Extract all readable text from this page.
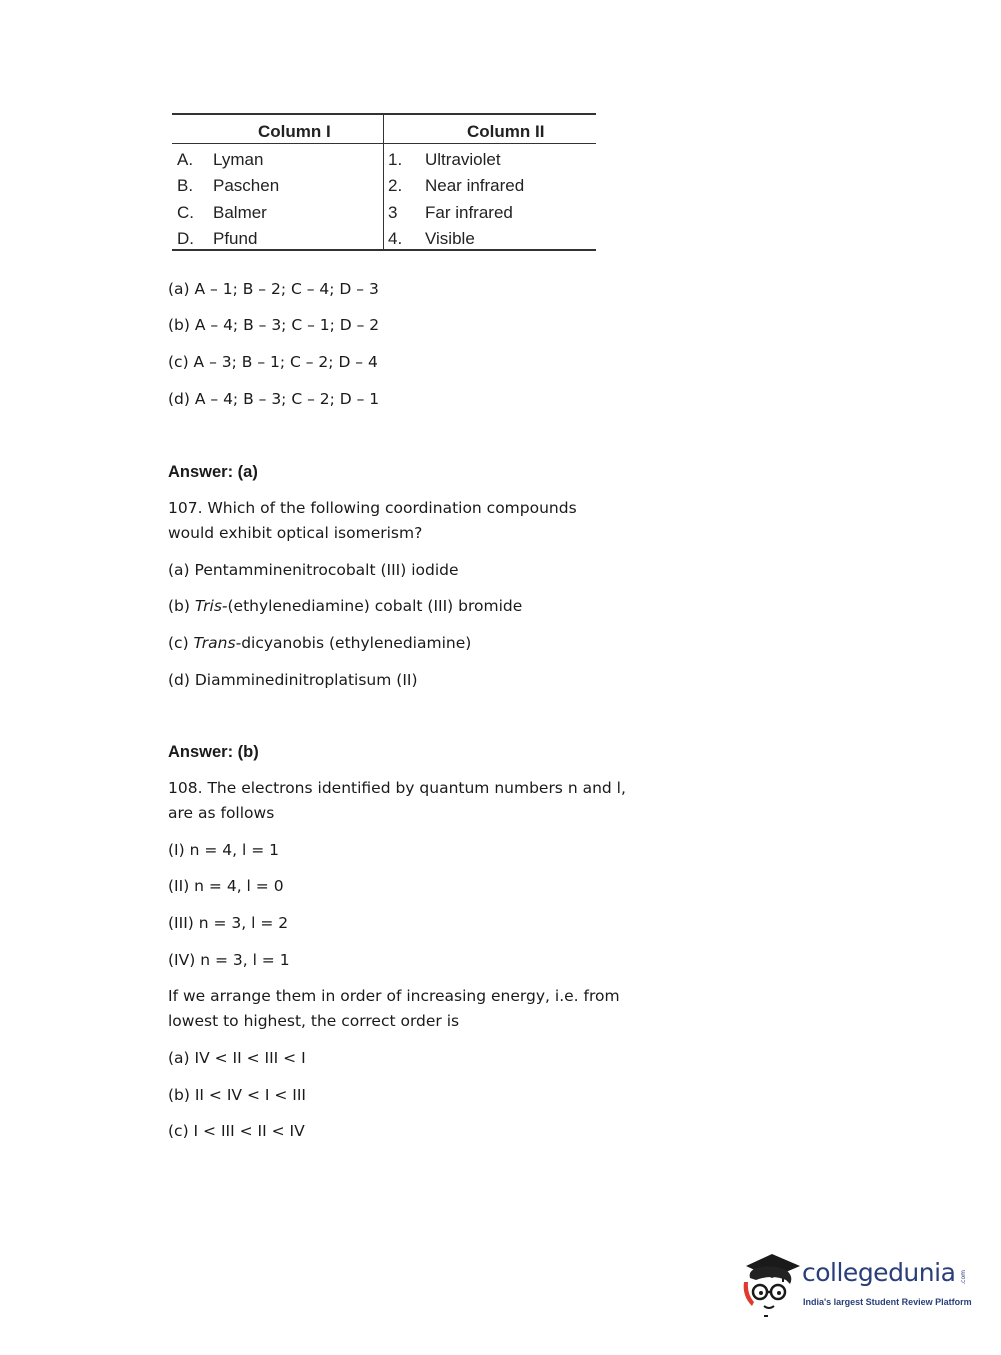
Column I	Column II
A. Lyman	1. Ultraviolet
B. Paschen	2. Near infrared
C. Balmer	3 Far infrared
D. Pfund	4. Visible
(a) A – 1; B – 2; C – 4; D – 3
(b) A – 4; B – 3; C – 1; D – 2
(c) A – 3; B – 1; C – 2; D – 4
(d) A – 4; B – 3; C – 2; D – 1
Answer: (a)
107. Which of the following coordination compounds
would exhibit optical isomerism?
(a) Pentamminenitrocobalt (III) iodide
(b) Tris-(ethylenediamine) cobalt (III) bromide
(c) Trans-dicyanobis (ethylenediamine)
(d) Diamminedinitroplatisum (II)
Answer: (b)
108. The electrons identified by quantum numbers n and l,
are as follows
(I) n = 4, l = 1
(II) n = 4, l = 0
(III) n = 3, l = 2
(IV) n = 3, l = 1
If we arrange them in order of increasing energy, i.e. from
lowest to highest, the correct order is
(a) IV < II < III < I
(b) II < IV < I < III
(c) I < III < II < IV
collegedunia .com
India's largest Student Review Platform
